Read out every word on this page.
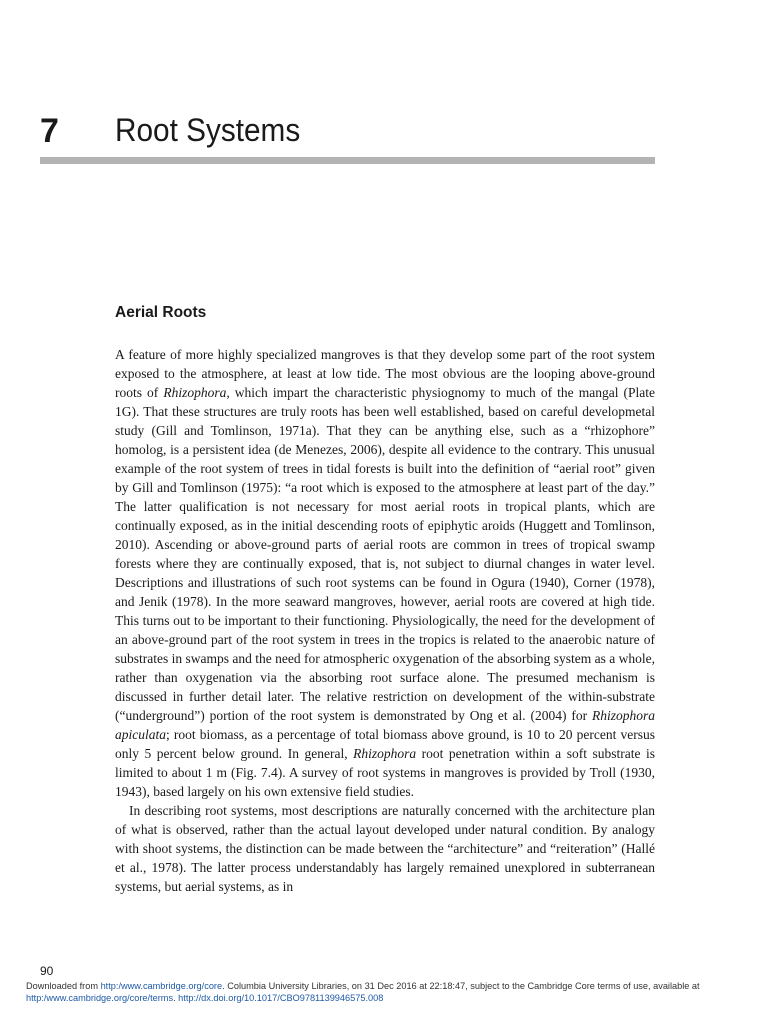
7 Root Systems
Aerial Roots

A feature of more highly specialized mangroves is that they develop some part of the root system exposed to the atmosphere, at least at low tide. The most obvious are the looping above-ground roots of Rhizophora, which impart the characteristic physiognomy to much of the mangal (Plate 1G). That these structures are truly roots has been well established, based on careful developmetal study (Gill and Tomlinson, 1971a). That they can be anything else, such as a “rhizophore” homolog, is a persistent idea (de Menezes, 2006), despite all evidence to the contrary. This unusual example of the root system of trees in tidal forests is built into the definition of “aerial root” given by Gill and Tomlinson (1975): “a root which is exposed to the atmosphere at least part of the day.” The latter qualification is not necessary for most aerial roots in tropical plants, which are continually exposed, as in the initial descending roots of epiphytic aroids (Huggett and Tomlinson, 2010). Ascending or above-ground parts of aerial roots are common in trees of tropical swamp forests where they are continually exposed, that is, not subject to diurnal changes in water level. Descriptions and illustrations of such root systems can be found in Ogura (1940), Corner (1978), and Jenik (1978). In the more seaward mangroves, however, aerial roots are covered at high tide. This turns out to be important to their functioning. Physiologically, the need for the development of an above-ground part of the root system in trees in the tropics is related to the anaerobic nature of substrates in swamps and the need for atmospheric oxygenation of the absorbing system as a whole, rather than oxygenation via the absorbing root surface alone. The presumed mechanism is discussed in further detail later. The relative restriction on development of the within-substrate (“underground”) portion of the root system is demonstrated by Ong et al. (2004) for Rhizophora apiculata; root biomass, as a percentage of total biomass above ground, is 10 to 20 percent versus only 5 percent below ground. In general, Rhizophora root penetration within a soft substrate is limited to about 1 m (Fig. 7.4). A survey of root systems in mangroves is provided by Troll (1930, 1943), based largely on his own extensive field studies.

In describing root systems, most descriptions are naturally concerned with the architecture plan of what is observed, rather than the actual layout developed under natural condition. By analogy with shoot systems, the distinction can be made between the “architecture” and “reiteration” (Hallé et al., 1978). The latter process understandably has largely remained unexplored in subterranean systems, but aerial systems, as in

90
Downloaded from http:/www.cambridge.org/core. Columbia University Libraries, on 31 Dec 2016 at 22:18:47, subject to the Cambridge Core terms of use, available at
http:/www.cambridge.org/core/terms. http://dx.doi.org/10.1017/CBO9781139946575.008
